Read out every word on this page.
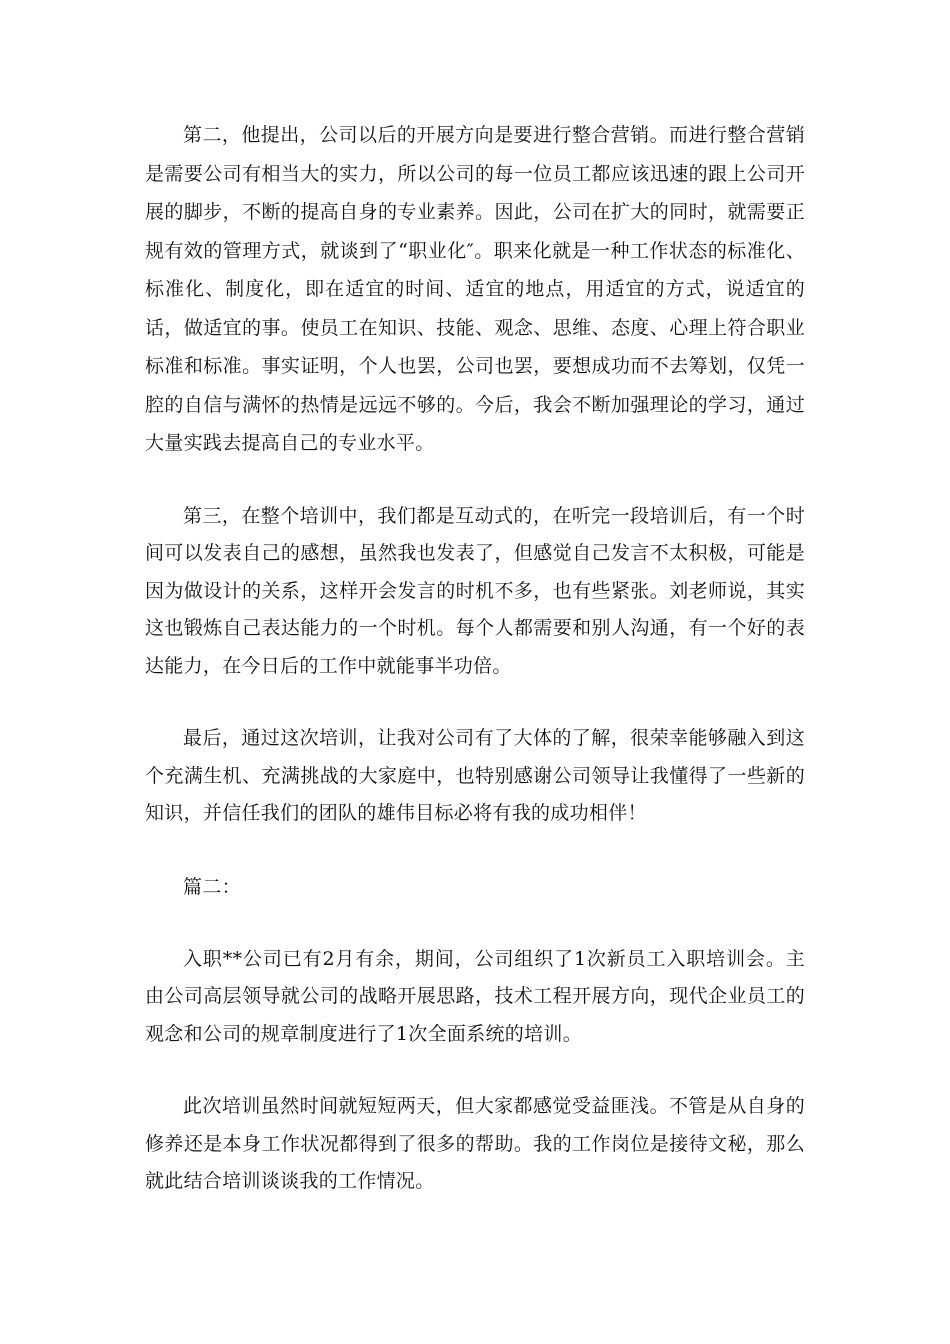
第二，他提出，公司以后的开展方向是要进行整合营销。而进行整合营销是需要公司有相当大的实力，所以公司的每一位员工都应该迅速的跟上公司开展的脚步，不断的提高自身的专业素养。因此，公司在扩大的同时，就需要正规有效的管理方式，就谈到了“职业化″。职来化就是一种工作状态的标准化、标准化、制度化，即在适宜的时间、适宜的地点，用适宜的方式，说适宜的话，做适宜的事。使员工在知识、技能、观念、思维、态度、心理上符合职业标准和标准。事实证明，个人也罢，公司也罢，要想成功而不去筹划，仅凭一腔的自信与满怀的热情是远远不够的。今后，我会不断加强理论的学习，通过大量实践去提高自己的专业水平。

第三，在整个培训中，我们都是互动式的，在听完一段培训后，有一个时间可以发表自己的感想，虽然我也发表了，但感觉自己发言不太积极，可能是因为做设计的关系，这样开会发言的时机不多，也有些紧张。刘老师说，其实这也锻炼自己表达能力的一个时机。每个人都需要和别人沟通，有一个好的表达能力，在今日后的工作中就能事半功倍。

最后，通过这次培训，让我对公司有了大体的了解，很荣幸能够融入到这个充满生机、充满挑战的大家庭中，也特别感谢公司领导让我懂得了一些新的知识，并信任我们的团队的雄伟目标必将有我的成功相伴！

篇二：

入职**公司已有2月有余，期间，公司组织了1次新员工入职培训会。主由公司高层领导就公司的战略开展思路，技术工程开展方向，现代企业员工的观念和公司的规章制度进行了1次全面系统的培训。

此次培训虽然时间就短短两天，但大家都感觉受益匪浅。不管是从自身的修养还是本身工作状况都得到了很多的帮助。我的工作岗位是接待文秘，那么就此结合培训谈谈我的工作情况。
